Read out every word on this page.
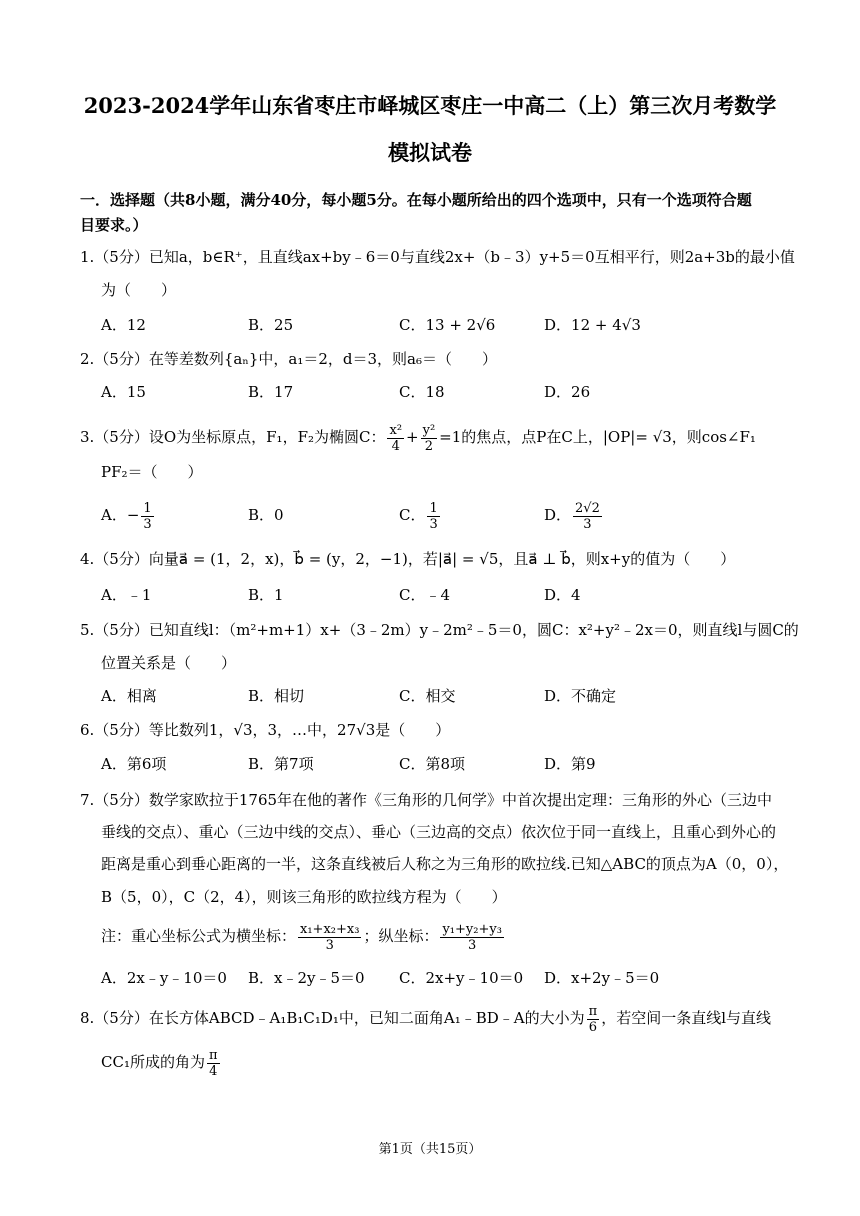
2023-2024学年山东省枣庄市峄城区枣庄一中高二（上）第三次月考数学
模拟试卷
一．选择题（共8小题，满分40分，每小题5分。在每小题所给出的四个选项中，只有一个选项符合题
目要求。）
1.（5分）已知a，b∈R⁺，且直线ax+by﹣6＝0与直线2x+（b﹣3）y+5＝0互相平行，则2a+3b的最小值
为（　　）
A．12	B．25	C．13 + 2√6	D．12 + 4√3
2.（5分）在等差数列{aₙ}中，a₁＝2，d＝3，则a₆＝（　　）
A．15	B．17	C．18	D．26
3.（5分）设O为坐标原点，F₁，F₂为椭圆C： $\frac{\text{x²}}{4} + \frac{\text{y²}}{2} =1$的焦点，点P在C上，|OP|= √3，则cos∠F₁
PF₂＝（　　）
A．− $\frac{1}{3}$	B．0	C． $\frac{1}{3}$	D． $\frac{2√2}{3}$
4.（5分）向量a⃗ = (1，2，x)，b⃗ = (y，2，−1)，若|a⃗| = √5，且a⃗ ⊥ b⃗，则x+y的值为（　　）
A．﹣1	B．1	C．﹣4	D．4
5.（5分）已知直线l：（m²+m+1）x+（3﹣2m）y﹣2m²﹣5＝0，圆C：x²+y²﹣2x＝0，则直线l与圆C的
位置关系是（　　）
A．相离	B．相切	C．相交	D．不确定
6.（5分）等比数列1，√3，3，…中，27√3是（　　）
A．第6项	B．第7项	C．第8项	D．第9
7.（5分）数学家欧拉于1765年在他的著作《三角形的几何学》中首次提出定理：三角形的外心（三边中
垂线的交点）、重心（三边中线的交点）、垂心（三边高的交点）依次位于同一直线上，且重心到外心的
距离是重心到垂心距离的一半，这条直线被后人称之为三角形的欧拉线.已知△ABC的顶点为A（0，0），
B（5，0），C（2，4），则该三角形的欧拉线方程为（　　）
注：重心坐标公式为横坐标： $\frac{\text{x₁+x₂+x₃}}{3}$ ；纵坐标： $\frac{\text{y₁+y₂+y₃}}{3}$
A．2x﹣y﹣10＝0 B．x﹣2y﹣5＝0 C．2x+y﹣10＝0 D．x+2y﹣5＝0
8.（5分）在长方体ABCD﹣A₁B₁C₁D₁中，已知二面角A₁﹣BD﹣A的大小为 $\frac{\pi}{6}$ ，若空间一条直线l与直线
CC₁所成的角为 $\frac{\pi}{4}$
第1页（共15页）
